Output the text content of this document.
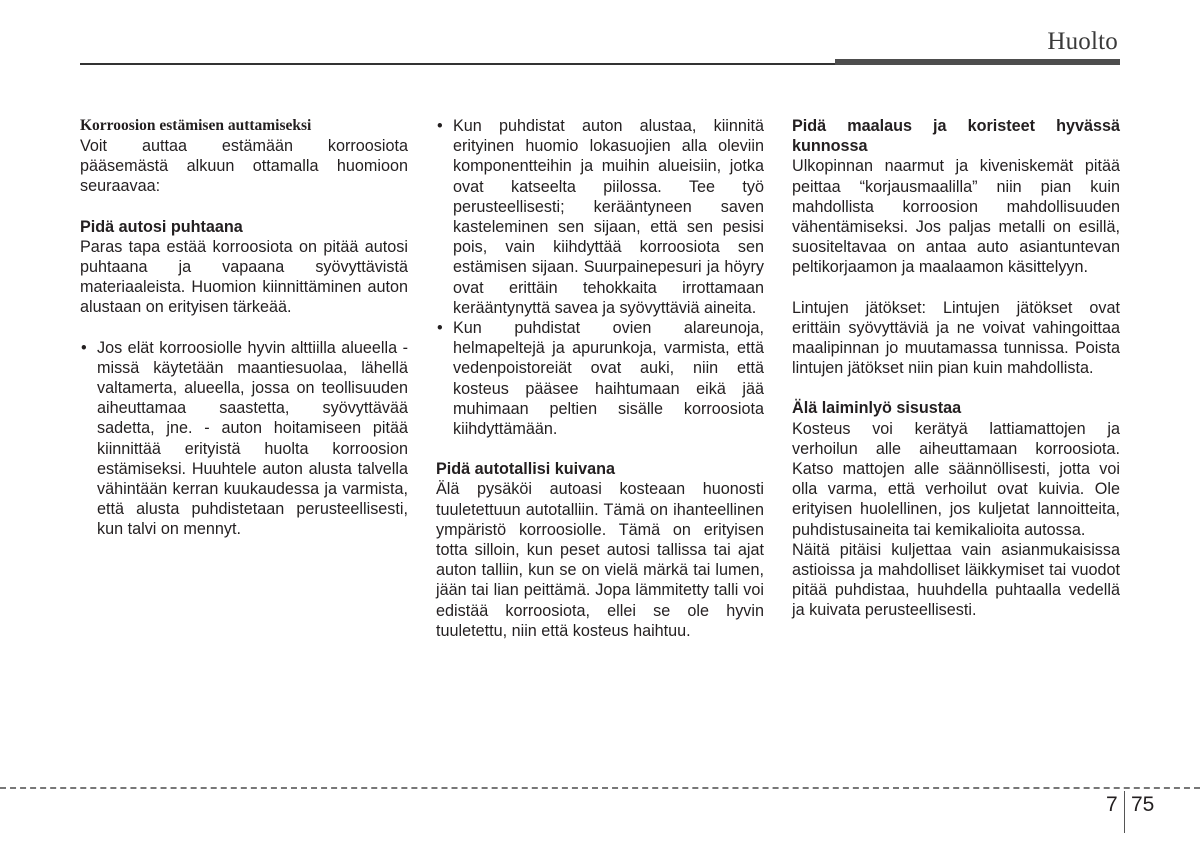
Huolto

Korroosion estämisen auttamiseksi

Voit auttaa estämään korroosiota pääsemästä alkuun ottamalla huomioon seuraavaa:

Pidä autosi puhtaana

Paras tapa estää korroosiota on pitää autosi puhtaana ja vapaana syövyttävistä materiaaleista. Huomion kiinnittäminen auton alustaan on erityisen tärkeää.

• Jos elät korroosiolle hyvin alttiilla alueella - missä käytetään maantiesuolaa, lähellä valtamerta, alueella, jossa on teollisuuden aiheuttamaa saastetta, syövyttävää sadetta, jne. - auton hoitamiseen pitää kiinnittää erityistä huolta korroosion estämiseksi. Huuhtele auton alusta talvella vähintään kerran kuukaudessa ja varmista, että alusta puhdistetaan perusteellisesti, kun talvi on mennyt.

• Kun puhdistat auton alustaa, kiinnitä erityinen huomio lokasuojien alla oleviin komponentteihin ja muihin alueisiin, jotka ovat katseelta piilossa. Tee työ perusteellisesti; kerääntyneen saven kasteleminen sen sijaan, että sen pesisi pois, vain kiihdyttää korroosiota sen estämisen sijaan. Suurpainepesuri ja höyry ovat erittäin tehokkaita irrottamaan kerääntynyttä savea ja syövyttäviä aineita.

• Kun puhdistat ovien alareunoja, helmapeltejä ja apurunkoja, varmista, että vedenpoistoreiät ovat auki, niin että kosteus pääsee haihtumaan eikä jää muhimaan peltien sisälle korroosiota kiihdyttämään.

Pidä autotallisi kuivana

Älä pysäköi autoasi kosteaan huonosti tuuletettuun autotalliin. Tämä on ihanteellinen ympäristö korroosiolle. Tämä on erityisen totta silloin, kun peset autosi tallissa tai ajat auton talliin, kun se on vielä märkä tai lumen, jään tai lian peittämä. Jopa lämmitetty talli voi edistää korroosiota, ellei se ole hyvin tuuletettu, niin että kosteus haihtuu.

Pidä maalaus ja koristeet hyvässä kunnossa

Ulkopinnan naarmut ja kiveniskemät pitää peittaa “korjausmaalilla” niin pian kuin mahdollista korroosion mahdollisuuden vähentämiseksi. Jos paljas metalli on esillä, suositeltavaa on antaa auto asiantuntevan peltikorjaamon ja maalaamon käsittelyyn.

Lintujen jätökset: Lintujen jätökset ovat erittäin syövyttäviä ja ne voivat vahingoittaa maalipinnan jo muutamassa tunnissa. Poista lintujen jätökset niin pian kuin mahdollista.

Älä laiminlyö sisustaa

Kosteus voi kerätyä lattiamattojen ja verhoilun alle aiheuttamaan korroosiota. Katso mattojen alle säännöllisesti, jotta voi olla varma, että verhoilut ovat kuivia. Ole erityisen huolellinen, jos kuljetat lannoitteita, puhdistusaineita tai kemikalioita autossa.

Näitä pitäisi kuljettaa vain asianmukaisissa astioissa ja mahdolliset läikkymiset tai vuodot pitää puhdistaa, huuhdella puhtaalla vedellä ja kuivata perusteellisesti.

7 75
